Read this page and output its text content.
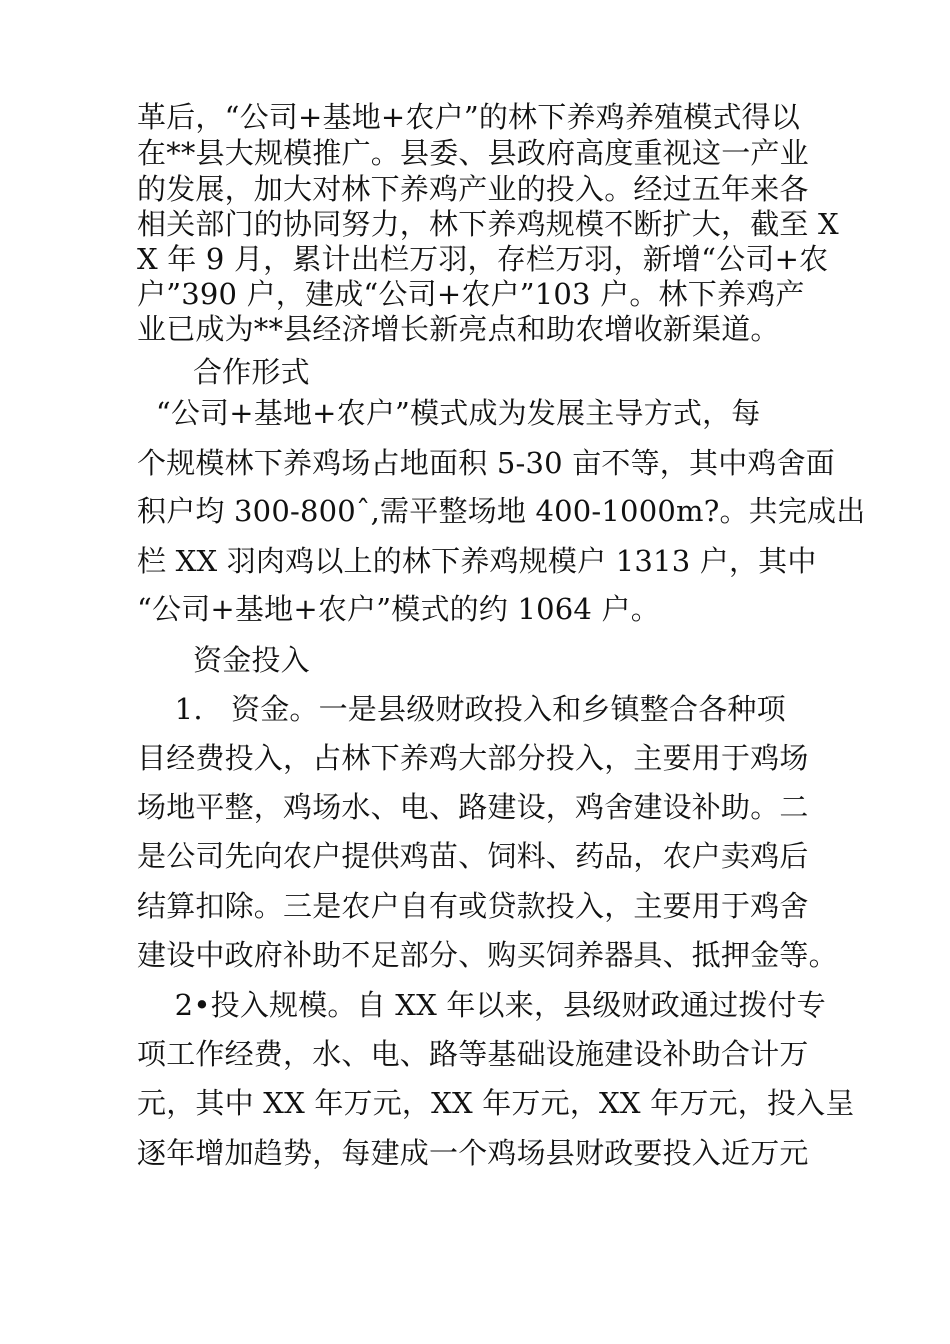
革后，“公司+基地+农户”的林下养鸡养殖模式得以
在**县大规模推广。县委、县政府高度重视这一产业
的发展，加大对林下养鸡产业的投入。经过五年来各
相关部门的协同努力，林下养鸡规模不断扩大，截至 X
X 年 9 月，累计出栏万羽，存栏万羽，新增“公司+农
户”390 户，建成“公司+农户”103 户。林下养鸡产
业已成为**县经济增长新亮点和助农增收新渠道。
合作形式
“公司+基地+农户”模式成为发展主导方式，每
个规模林下养鸡场占地面积 5-30 亩不等，其中鸡舍面
积户均 300-800ˆ,需平整场地 400-1000m?。共完成出
栏 XX 羽肉鸡以上的林下养鸡规模户 1313 户，其中
“公司+基地+农户”模式的约 1064 户。
资金投入
1.   资金。一是县级财政投入和乡镇整合各种项
目经费投入，占林下养鸡大部分投入，主要用于鸡场
场地平整，鸡场水、电、路建设，鸡舍建设补助。二
是公司先向农户提供鸡苗、饲料、药品，农户卖鸡后
结算扣除。三是农户自有或贷款投入，主要用于鸡舍
建设中政府补助不足部分、购买饲养器具、抵押金等。
2•投入规模。自 XX 年以来，县级财政通过拨付专
项工作经费，水、电、路等基础设施建设补助合计万
元，其中 XX 年万元，XX 年万元，XX 年万元，投入呈
逐年增加趋势，每建成一个鸡场县财政要投入近万元
